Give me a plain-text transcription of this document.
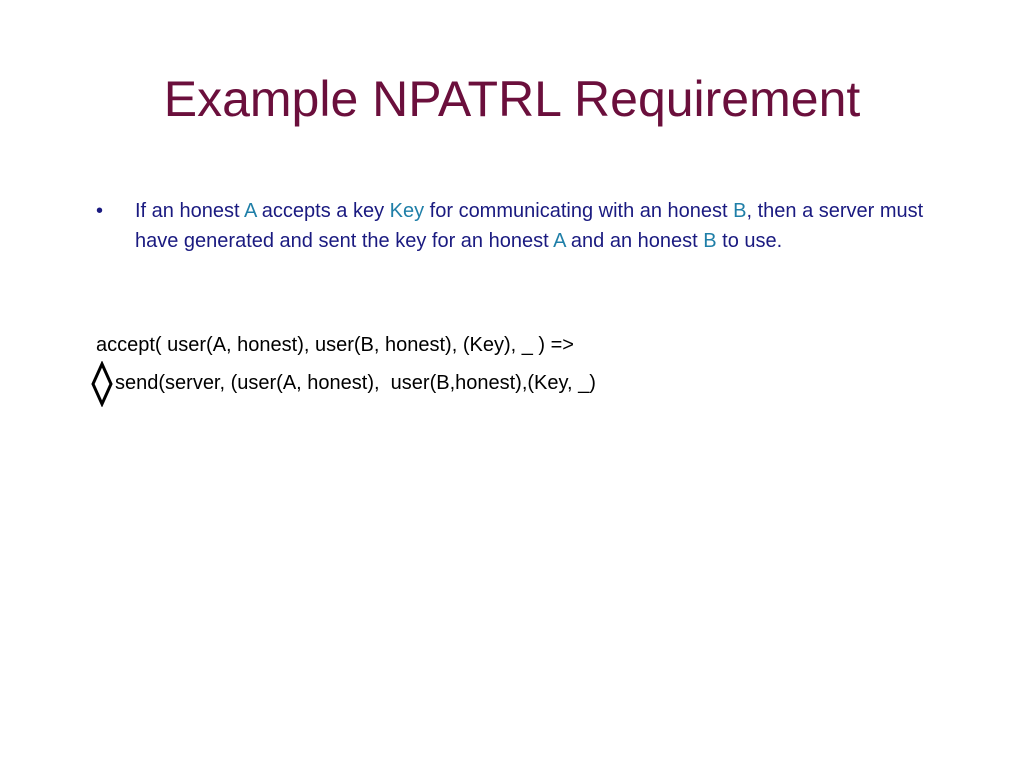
Example NPATRL Requirement
•	If an honest A accepts a key Key for communicating with an honest B, then a server must have generated and sent the key for an honest A and an honest B to use.
accept( user(A, honest), user(B, honest), (Key), _ ) =>
send(server, (user(A, honest),  user(B,honest),(Key, _)
